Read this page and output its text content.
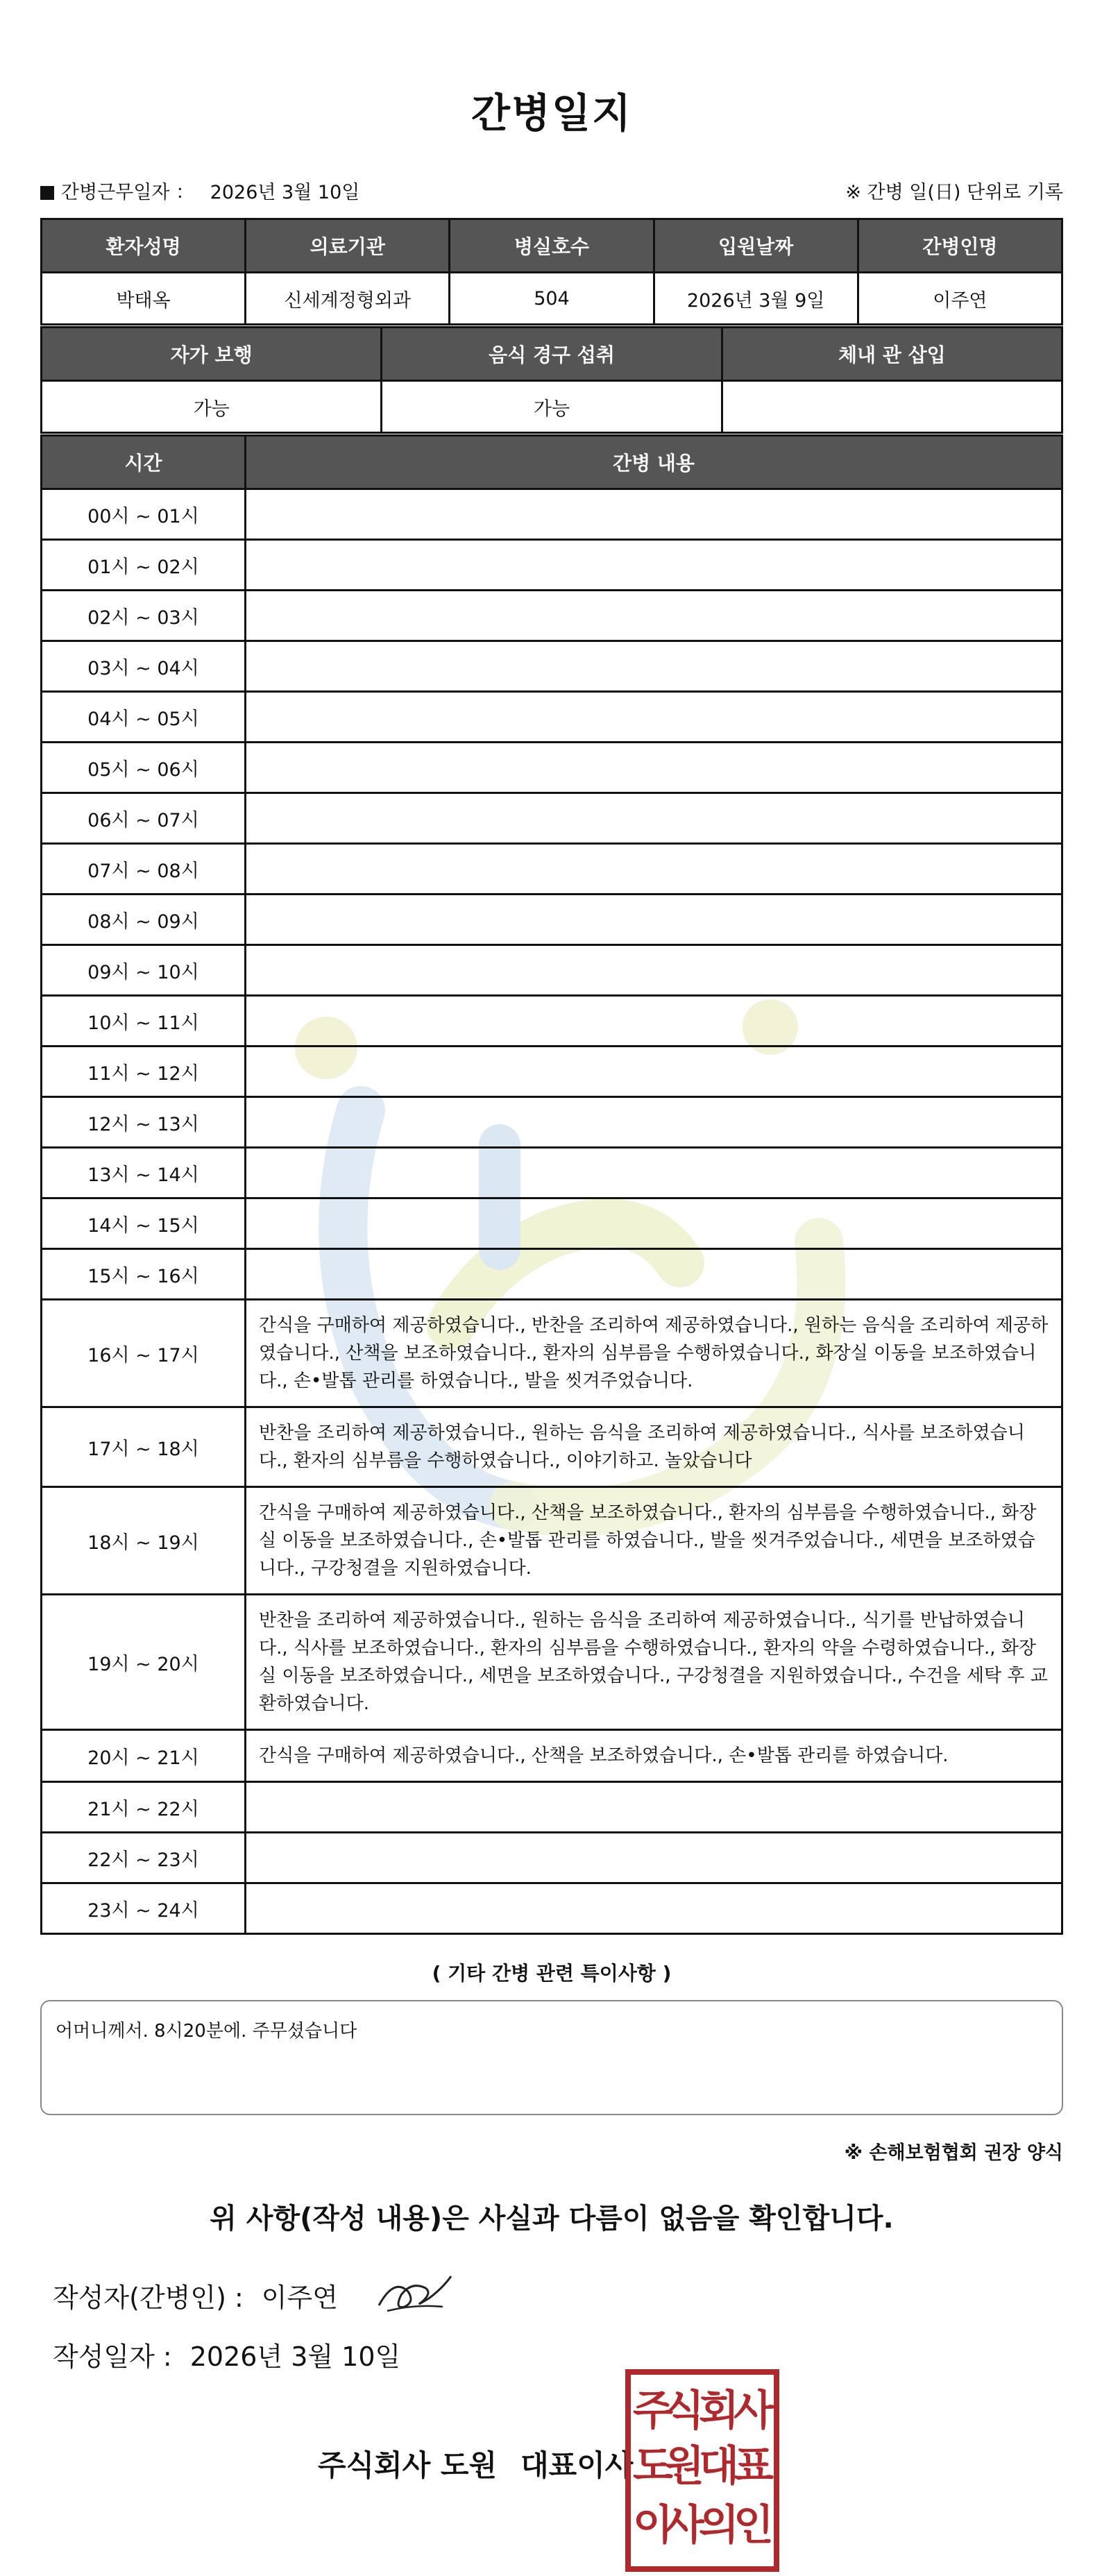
간병일지
간병근무일자 ： 2026년 3월 10일	※ 간병 일(日) 단위로 기록
환자성명	의료기관	병실호수	입원날짜	간병인명
박태옥	신세계정형외과	504	2026년 3월 9일	이주연
자가 보행	음식 경구 섭취	체내 관 삽입
가능	가능	
시간	간병 내용
00시 ~ 01시	
01시 ~ 02시	
02시 ~ 03시	
03시 ~ 04시	
04시 ~ 05시	
05시 ~ 06시	
06시 ~ 07시	
07시 ~ 08시	
08시 ~ 09시	
09시 ~ 10시	
10시 ~ 11시	
11시 ~ 12시	
12시 ~ 13시	
13시 ~ 14시	
14시 ~ 15시	
15시 ~ 16시	
16시 ~ 17시	간식을 구매하여 제공하였습니다., 반찬을 조리하여 제공하였습니다., 원하는 음식을 조리하여 제공하였습니다., 산책을 보조하였습니다., 환자의 심부름을 수행하였습니다., 화장실 이동을 보조하였습니다., 손•발톱 관리를 하였습니다., 발을 씻겨주었습니다.
17시 ~ 18시	반찬을 조리하여 제공하였습니다., 원하는 음식을 조리하여 제공하였습니다., 식사를 보조하였습니다., 환자의 심부름을 수행하였습니다., 이야기하고. 놀았습니다
18시 ~ 19시	간식을 구매하여 제공하였습니다., 산책을 보조하였습니다., 환자의 심부름을 수행하였습니다., 화장실 이동을 보조하였습니다., 손•발톱 관리를 하였습니다., 발을 씻겨주었습니다., 세면을 보조하였습니다., 구강청결을 지원하였습니다.
19시 ~ 20시	반찬을 조리하여 제공하였습니다., 원하는 음식을 조리하여 제공하였습니다., 식기를 반납하였습니다., 식사를 보조하였습니다., 환자의 심부름을 수행하였습니다., 환자의 약을 수령하였습니다., 화장실 이동을 보조하였습니다., 세면을 보조하였습니다., 구강청결을 지원하였습니다., 수건을 세탁 후 교환하였습니다.
20시 ~ 21시	간식을 구매하여 제공하였습니다., 산책을 보조하였습니다., 손•발톱 관리를 하였습니다.
21시 ~ 22시	
22시 ~ 23시	
23시 ~ 24시	
( 기타 간병 관련 특이사항 )
어머니께서. 8시20분에. 주무셨습니다
※ 손해보험협회 권장 양식
위 사항(작성 내용)은 사실과 다름이 없음을 확인합니다.
작성자(간병인) : 이주연
작성일자 : 2026년 3월 10일
주식회사 도원 대표이사
주
식
회
사
도
원
대
표
이
사
의
인
